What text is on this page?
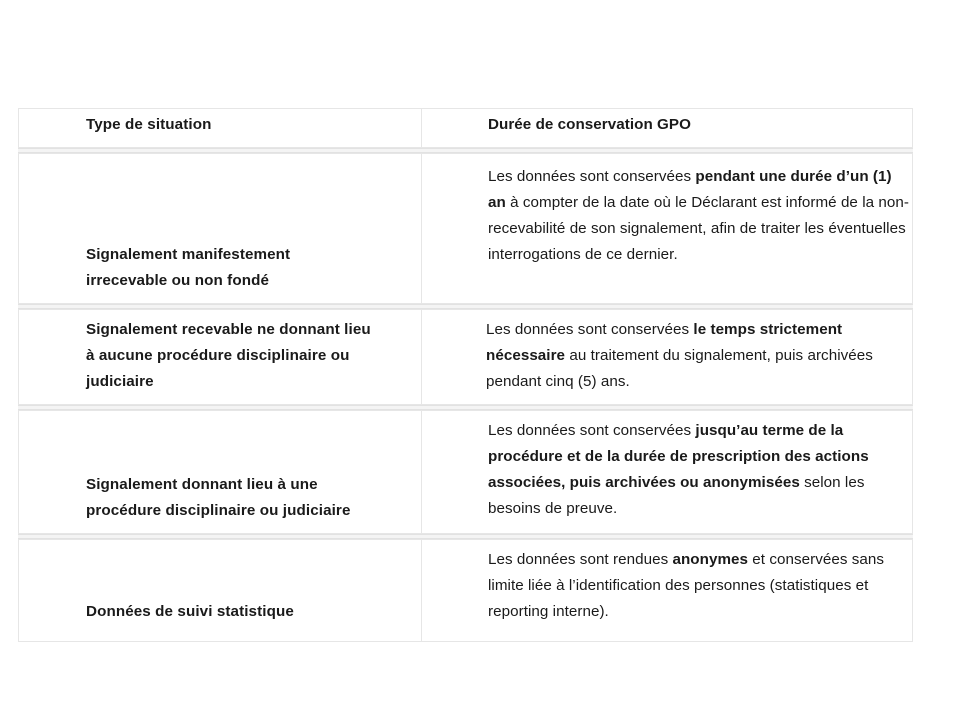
Type de situation	Durée de conservation GPO
Signalement manifestement
irrecevable ou non fondé
Les données sont conservées pendant une durée d’un (1) an à compter de la date où le Déclarant est informé de la non-recevabilité de son signalement, afin de traiter les éventuelles interrogations de ce dernier.
Signalement recevable ne donnant lieu
à aucune procédure disciplinaire ou
judiciaire
Les données sont conservées le temps strictement nécessaire au traitement du signalement, puis archivées pendant cinq (5) ans.
Signalement donnant lieu à une
procédure disciplinaire ou judiciaire
Les données sont conservées jusqu’au terme de la procédure et de la durée de prescription des actions associées, puis archivées ou anonymisées selon les besoins de preuve.
Données de suivi statistique
Les données sont rendues anonymes et conservées sans limite liée à l’identification des personnes (statistiques et reporting interne).
